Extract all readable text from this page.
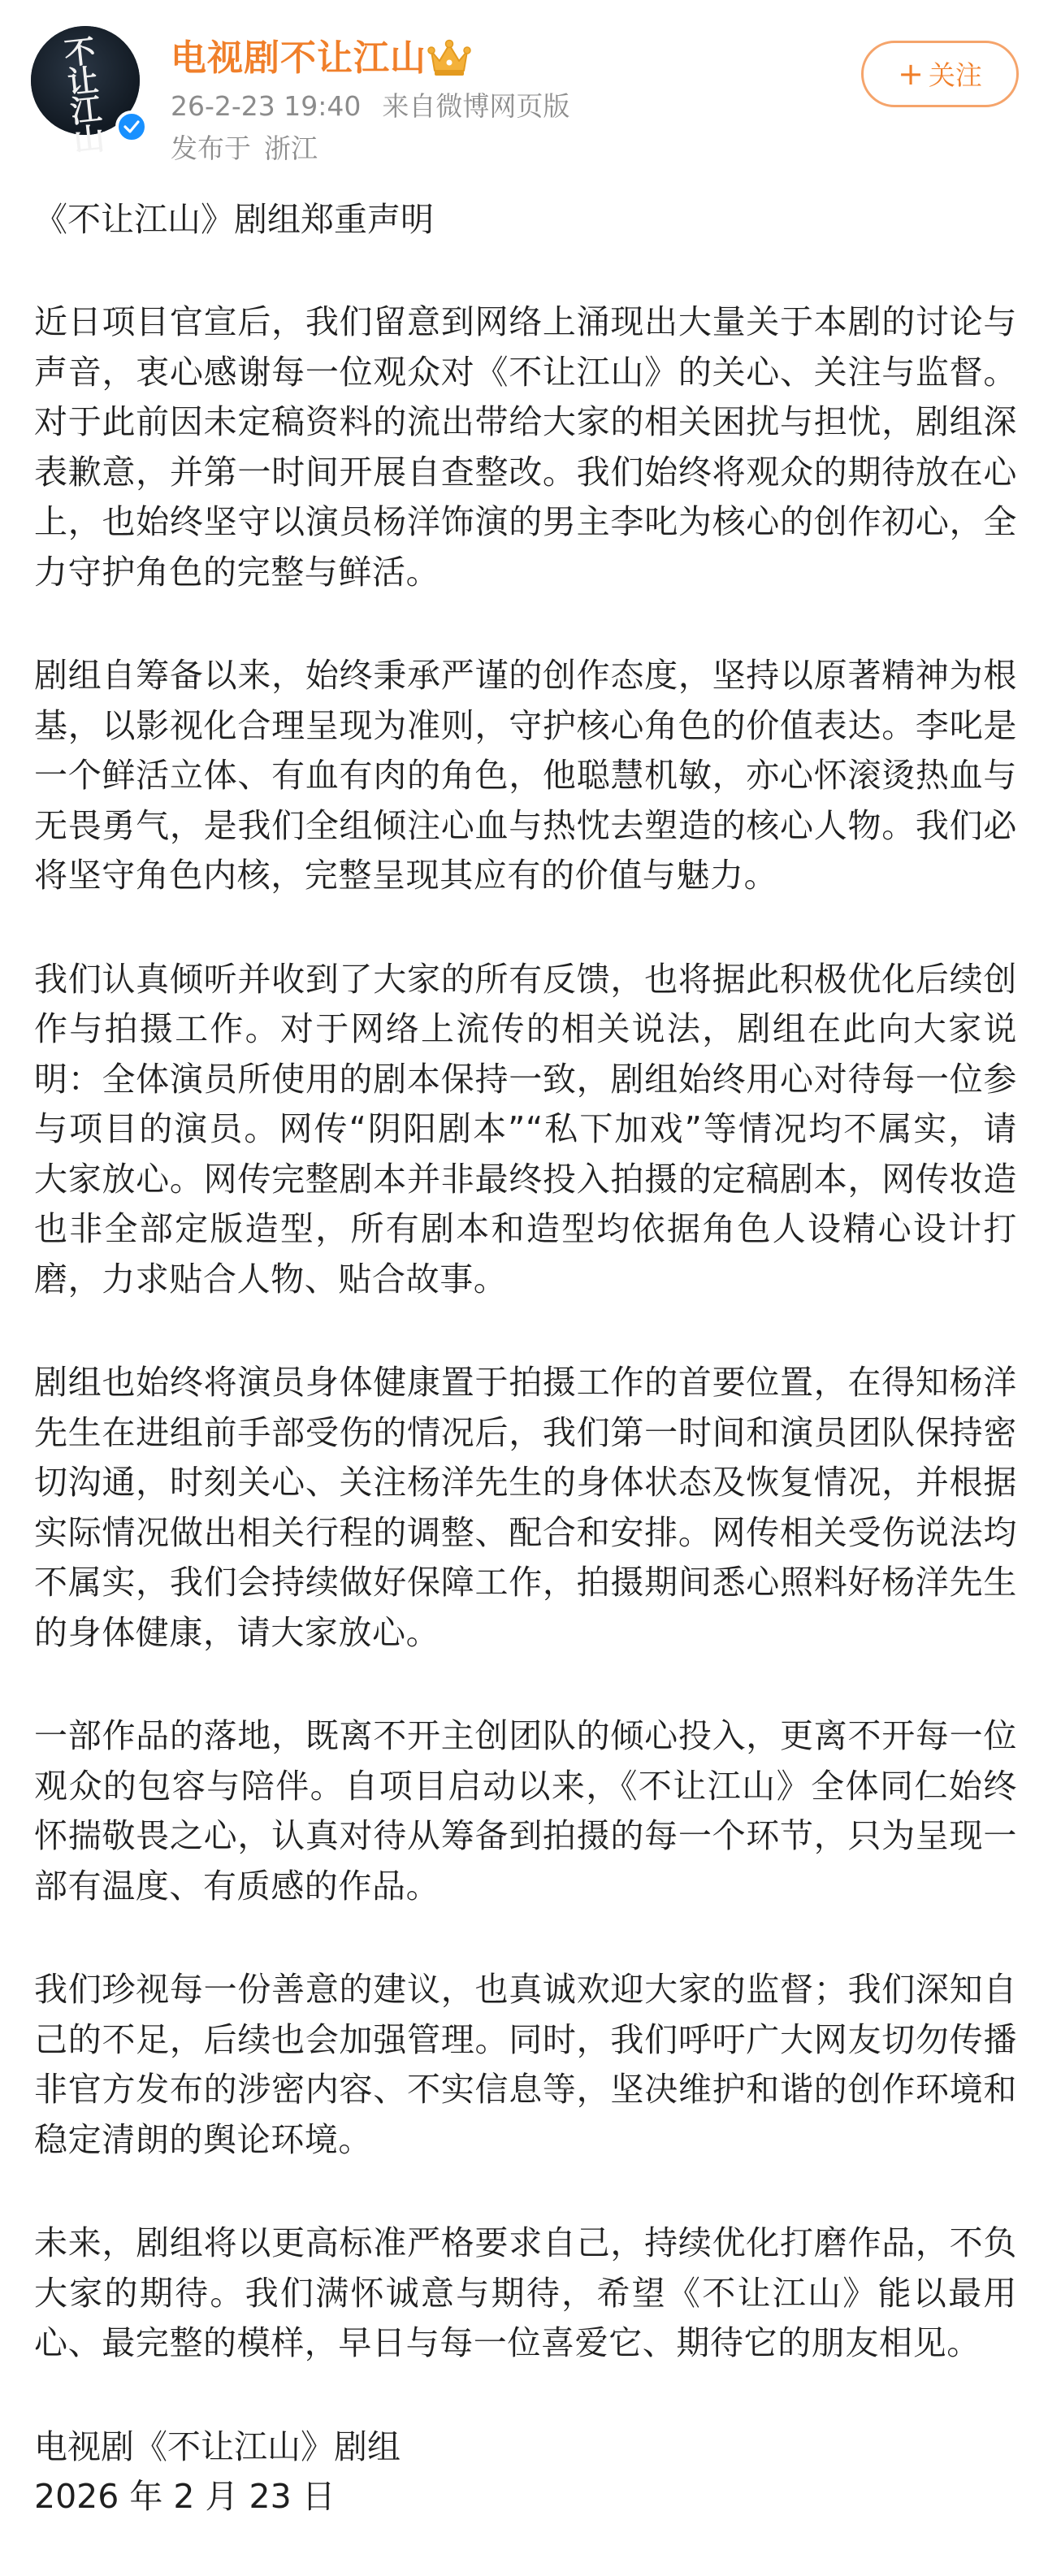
不让江山
电视剧不让江山
26-2-23 19:40 来自微博网页版
发布于 浙江
+ 关注
《不让江山》剧组郑重声明

近日项目官宣后，我们留意到网络上涌现出大量关于本剧的讨论与声音，衷心感谢每一位观众对《不让江山》的关心、关注与监督。对于此前因未定稿资料的流出带给大家的相关困扰与担忧，剧组深表歉意，并第一时间开展自查整改。我们始终将观众的期待放在心上，也始终坚守以演员杨洋饰演的男主李叱为核心的创作初心，全力守护角色的完整与鲜活。

剧组自筹备以来，始终秉承严谨的创作态度，坚持以原著精神为根基，以影视化合理呈现为准则，守护核心角色的价值表达。李叱是一个鲜活立体、有血有肉的角色，他聪慧机敏，亦心怀滚烫热血与无畏勇气，是我们全组倾注心血与热忱去塑造的核心人物。我们必将坚守角色内核，完整呈现其应有的价值与魅力。

我们认真倾听并收到了大家的所有反馈，也将据此积极优化后续创作与拍摄工作。对于网络上流传的相关说法，剧组在此向大家说明：全体演员所使用的剧本保持一致，剧组始终用心对待每一位参与项目的演员。网传“阴阳剧本”“私下加戏”等情况均不属实，请大家放心。网传完整剧本并非最终投入拍摄的定稿剧本，网传妆造也非全部定版造型，所有剧本和造型均依据角色人设精心设计打磨，力求贴合人物、贴合故事。

剧组也始终将演员身体健康置于拍摄工作的首要位置，在得知杨洋先生在进组前手部受伤的情况后，我们第一时间和演员团队保持密切沟通，时刻关心、关注杨洋先生的身体状态及恢复情况，并根据实际情况做出相关行程的调整、配合和安排。网传相关受伤说法均不属实，我们会持续做好保障工作，拍摄期间悉心照料好杨洋先生的身体健康，请大家放心。

一部作品的落地，既离不开主创团队的倾心投入，更离不开每一位观众的包容与陪伴。自项目启动以来，《不让江山》全体同仁始终怀揣敬畏之心，认真对待从筹备到拍摄的每一个环节，只为呈现一部有温度、有质感的作品。

我们珍视每一份善意的建议，也真诚欢迎大家的监督；我们深知自己的不足，后续也会加强管理。同时，我们呼吁广大网友切勿传播非官方发布的涉密内容、不实信息等，坚决维护和谐的创作环境和稳定清朗的舆论环境。

未来，剧组将以更高标准严格要求自己，持续优化打磨作品，不负大家的期待。我们满怀诚意与期待，希望《不让江山》能以最用心、最完整的模样，早日与每一位喜爱它、期待它的朋友相见。

电视剧《不让江山》剧组
2026 年 2 月 23 日
